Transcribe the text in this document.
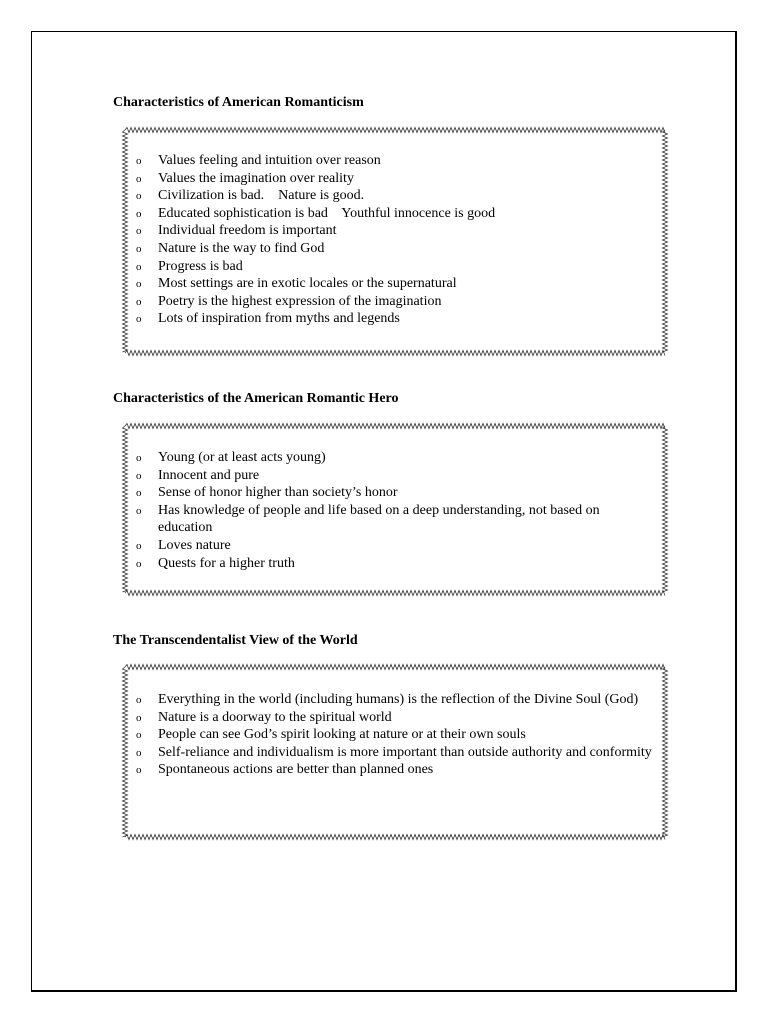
Characteristics of American Romanticism
o	Values feeling and intuition over reason
o	Values the imagination over reality
o	Civilization is bad.    Nature is good.
o	Educated sophistication is bad    Youthful innocence is good
o	Individual freedom is important
o	Nature is the way to find God
o	Progress is bad
o	Most settings are in exotic locales or the supernatural
o	Poetry is the highest expression of the imagination
o	Lots of inspiration from myths and legends
Characteristics of the American Romantic Hero
o	Young (or at least acts young)
o	Innocent and pure
o	Sense of honor higher than society’s honor
o	Has knowledge of people and life based on a deep understanding, not based on education
o	Loves nature
o	Quests for a higher truth
The Transcendentalist View of the World
o	Everything in the world (including humans) is the reflection of the Divine Soul (God)
o	Nature is a doorway to the spiritual world
o	People can see God’s spirit looking at nature or at their own souls
o	Self-reliance and individualism is more important than outside authority and conformity
o	Spontaneous actions are better than planned ones
